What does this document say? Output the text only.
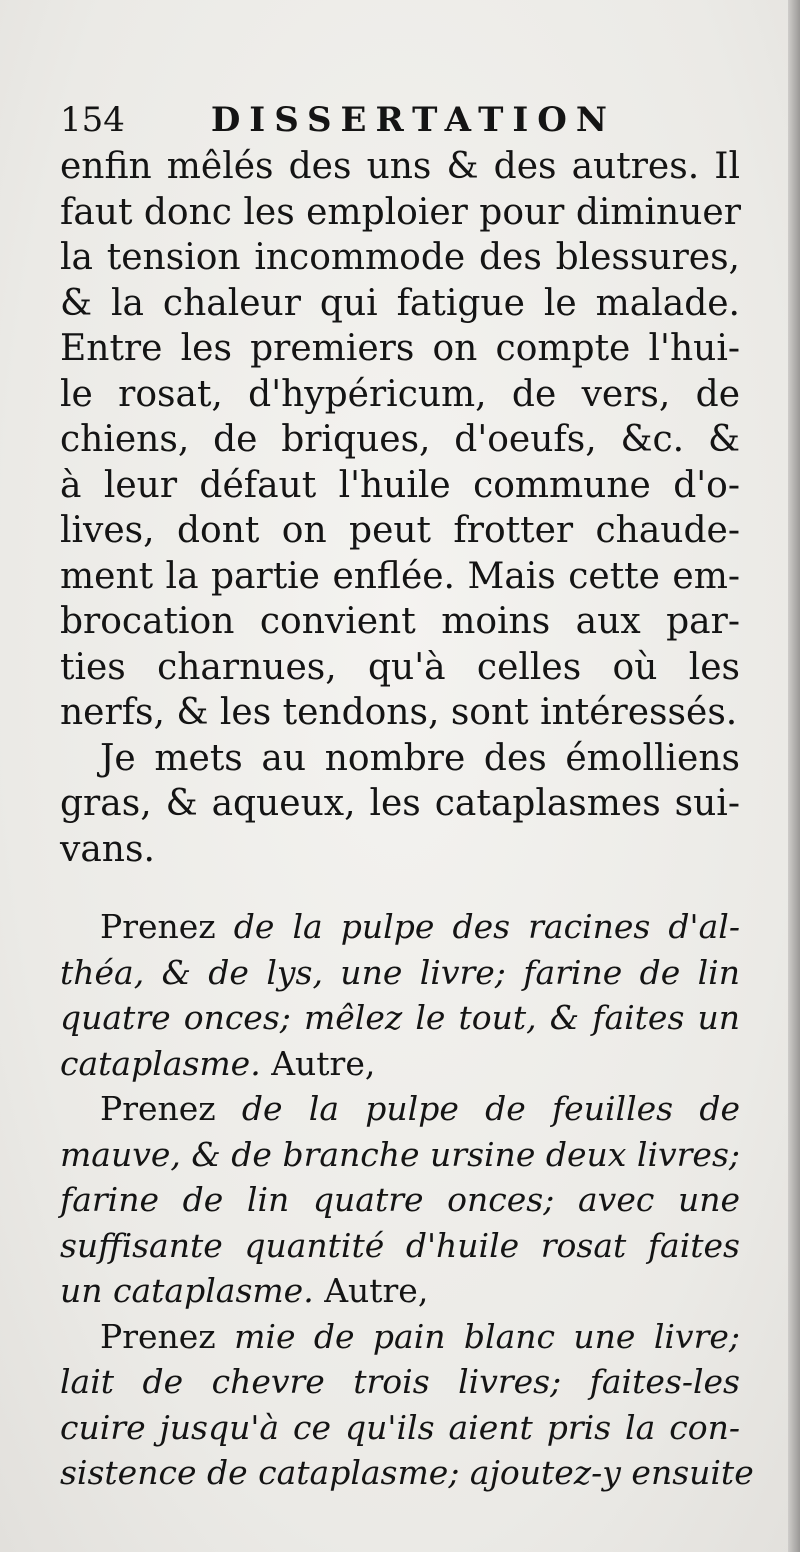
154	DISSERTATION
enfin mêlés des uns & des autres. Il
faut donc les emploier pour diminuer
la tension incommode des blessures,
& la chaleur qui fatigue le malade.
Entre les premiers on compte l'hui-
le rosat, d'hypéricum, de vers, de
chiens, de briques, d'oeufs, &c. &
à leur défaut l'huile commune d'o-
lives, dont on peut frotter chaude-
ment la partie enflée. Mais cette em-
brocation convient moins aux par-
ties charnues, qu'à celles où les
nerfs, & les tendons, sont intéressés.
Je mets au nombre des émolliens
gras, & aqueux, les cataplasmes sui-
vans.
Prenez de la pulpe des racines d'al-
théa, & de lys, une livre; farine de lin
quatre onces; mêlez le tout, & faites un
cataplasme. Autre,
Prenez de la pulpe de feuilles de
mauve, & de branche ursine deux livres;
farine de lin quatre onces; avec une
suffisante quantité d'huile rosat faites
un cataplasme. Autre,
Prenez mie de pain blanc une livre;
lait de chevre trois livres; faites-les
cuire jusqu'à ce qu'ils aient pris la con-
sistence de cataplasme; ajoutez-y ensuite
